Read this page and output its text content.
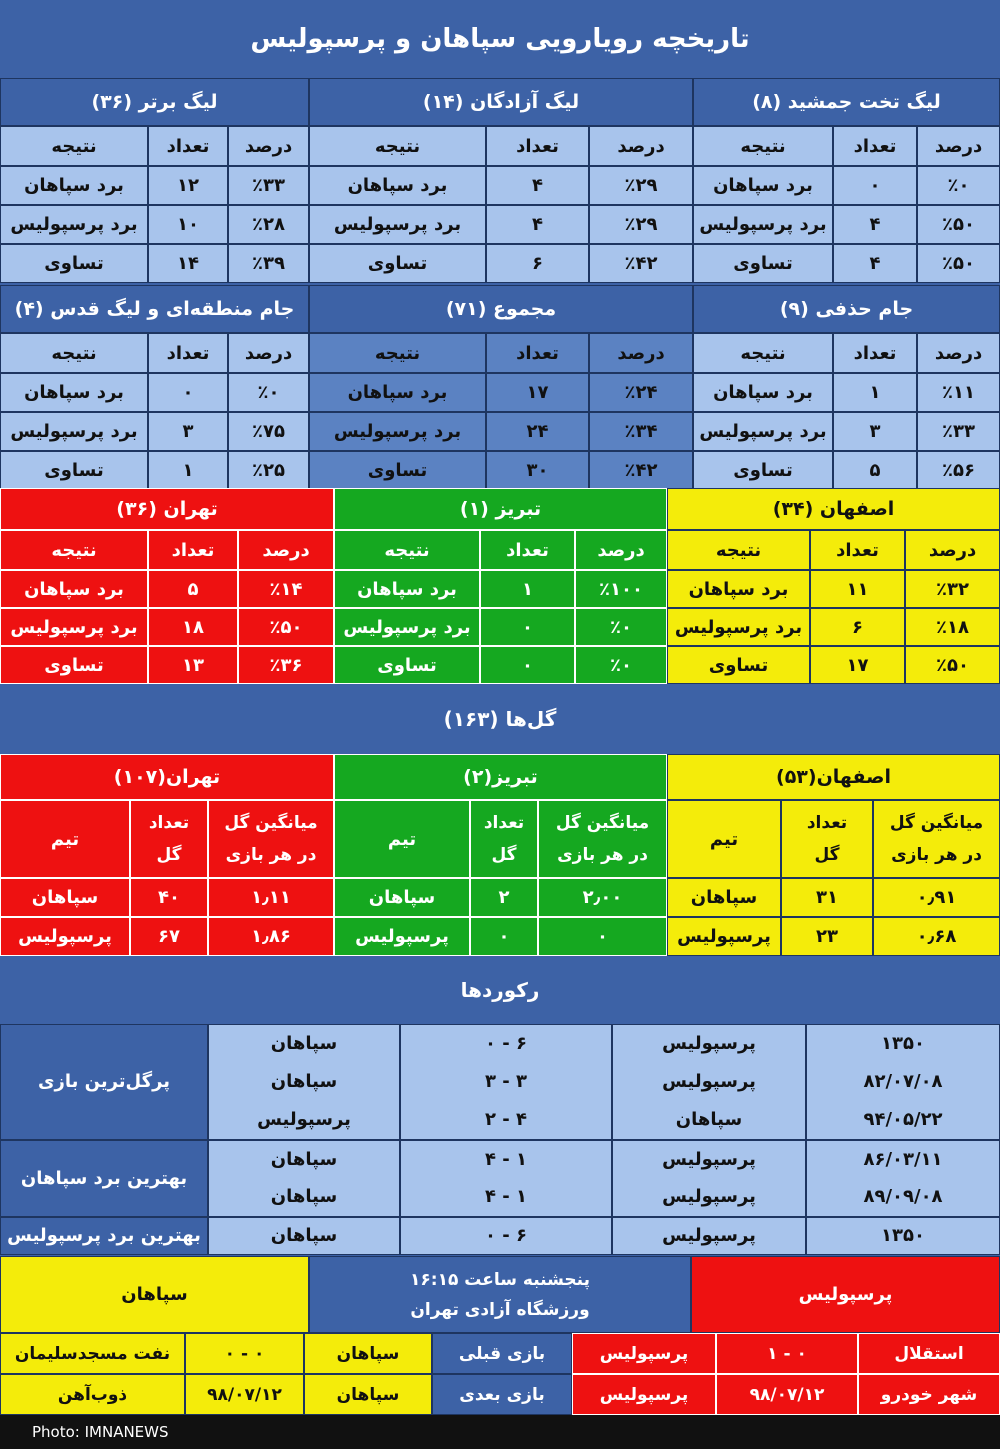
تاریخچه رویارویی سپاهان و پرسپولیس
لیگ تخت جمشید (۸)
درصد
تعداد
نتیجه
٪۰
۰
برد سپاهان
٪۵۰
۴
برد پرسپولیس
٪۵۰
۴
تساوی
لیگ آزادگان (۱۴)
درصد
تعداد
نتیجه
٪۲۹
۴
برد سپاهان
٪۲۹
۴
برد پرسپولیس
٪۴۲
۶
تساوی
لیگ برتر (۳۶)
درصد
تعداد
نتیجه
٪۳۳
۱۲
برد سپاهان
٪۲۸
۱۰
برد پرسپولیس
٪۳۹
۱۴
تساوی
جام حذفی (۹)
درصد
تعداد
نتیجه
٪۱۱
۱
برد سپاهان
٪۳۳
۳
برد پرسپولیس
٪۵۶
۵
تساوی
مجموع (۷۱)
درصد
تعداد
نتیجه
٪۲۴
۱۷
برد سپاهان
٪۳۴
۲۴
برد پرسپولیس
٪۴۲
۳۰
تساوی
جام منطقه‌ای و لیگ قدس (۴)
درصد
تعداد
نتیجه
٪۰
۰
برد سپاهان
٪۷۵
۳
برد پرسپولیس
٪۲۵
۱
تساوی
اصفهان (۳۴)
درصد
تعداد
نتیجه
٪۳۲
۱۱
برد سپاهان
٪۱۸
۶
برد پرسپولیس
٪۵۰
۱۷
تساوی
تبریز (۱)
درصد
تعداد
نتیجه
٪۱۰۰
۱
برد سپاهان
٪۰
۰
برد پرسپولیس
٪۰
۰
تساوی
تهران (۳۶)
درصد
تعداد
نتیجه
٪۱۴
۵
برد سپاهان
٪۵۰
۱۸
برد پرسپولیس
٪۳۶
۱۳
تساوی
گل‌ها (۱۶۳)
اصفهان(۵۳)
میانگین گل
در هر بازی
تعداد
گل
تیم
۰٫۹۱
۳۱
سپاهان
۰٫۶۸
۲۳
پرسپولیس
تبریز(۲)
میانگین گل
در هر بازی
تعداد
گل
تیم
۲٫۰۰
۲
سپاهان
۰
۰
پرسپولیس
تهران(۱۰۷)
میانگین گل
در هر بازی
تعداد
گل
تیم
۱٫۱۱
۴۰
سپاهان
۱٫۸۶
۶۷
پرسپولیس
رکوردها
پرگل‌ترین بازی
۱۳۵۰
پرسپولیس
۶ - ۰
سپاهان
۸۲/۰۷/۰۸
پرسپولیس
۳ - ۳
سپاهان
۹۴/۰۵/۲۲
سپاهان
۴ - ۲
پرسپولیس
بهترین برد سپاهان
۸۶/۰۳/۱۱
پرسپولیس
۱ - ۴
سپاهان
۸۹/۰۹/۰۸
پرسپولیس
۱ - ۴
سپاهان
بهترین برد پرسپولیس	۱۳۵۰
پرسپولیس
۶ - ۰
سپاهان
پرسپولیس
پنجشنبه ساعت ۱۶:۱۵
ورزشگاه آزادی تهران
سپاهان
استقلال
۰ - ۱
پرسپولیس
شهر خودرو
۹۸/۰۷/۱۲
پرسپولیس
بازی قبلی
بازی بعدی
سپاهان
۰ - ۰
نفت مسجدسلیمان
سپاهان
۹۸/۰۷/۱۲
ذوب‌آهن
Photo: IMNANEWS
